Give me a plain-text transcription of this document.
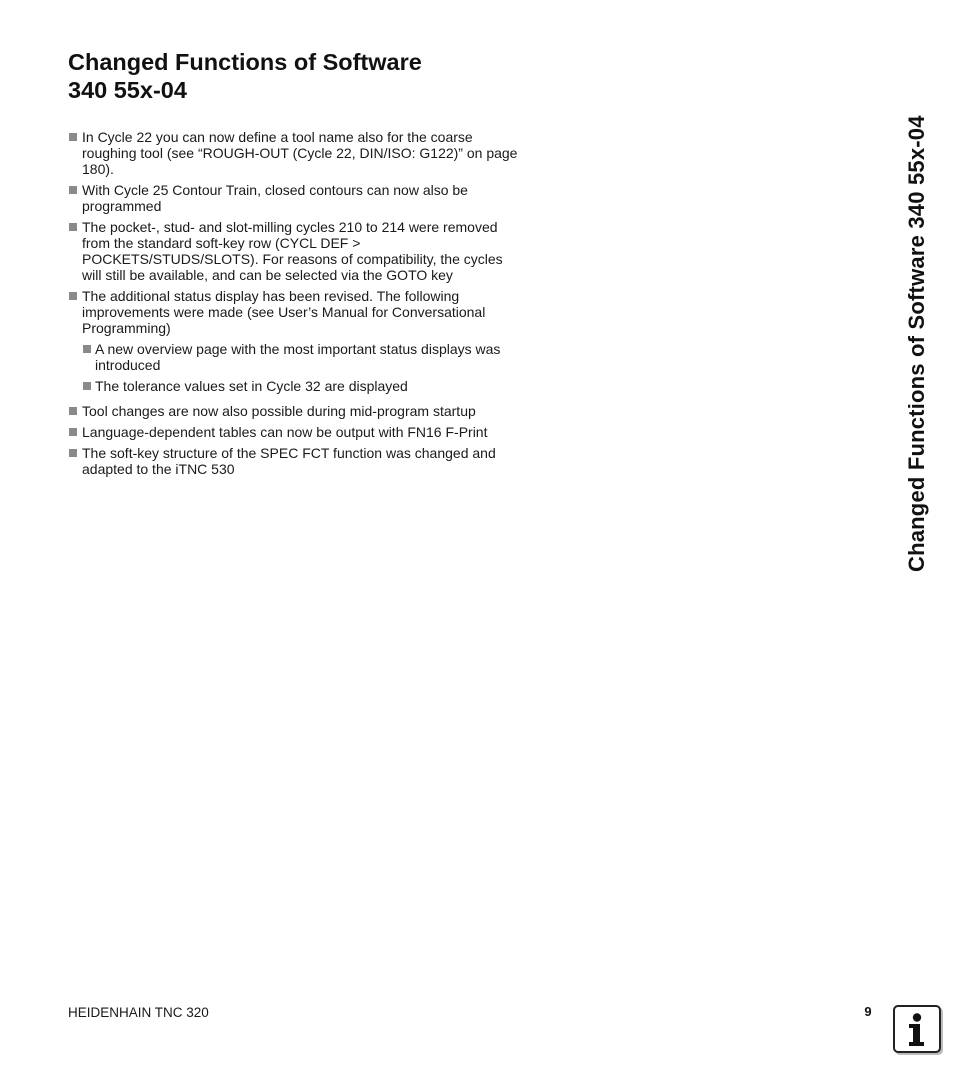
Changed Functions of Software
340 55x-04
In Cycle 22 you can now define a tool name also for the coarse roughing tool (see “ROUGH-OUT (Cycle 22, DIN/ISO: G122)” on page 180).
With Cycle 25 Contour Train, closed contours can now also be programmed
The pocket-, stud- and slot-milling cycles 210 to 214 were removed from the standard soft-key row (CYCL DEF > POCKETS/STUDS/SLOTS). For reasons of compatibility, the cycles will still be available, and can be selected via the GOTO key
The additional status display has been revised. The following improvements were made (see User’s Manual for Conversational Programming)
A new overview page with the most important status displays was introduced
The tolerance values set in Cycle 32 are displayed
Tool changes are now also possible during mid-program startup
Language-dependent tables can now be output with FN16 F-Print
The soft-key structure of the SPEC FCT function was changed and adapted to the iTNC 530	Changed Functions of Software 340 55x-04
HEIDENHAIN TNC 320	9
